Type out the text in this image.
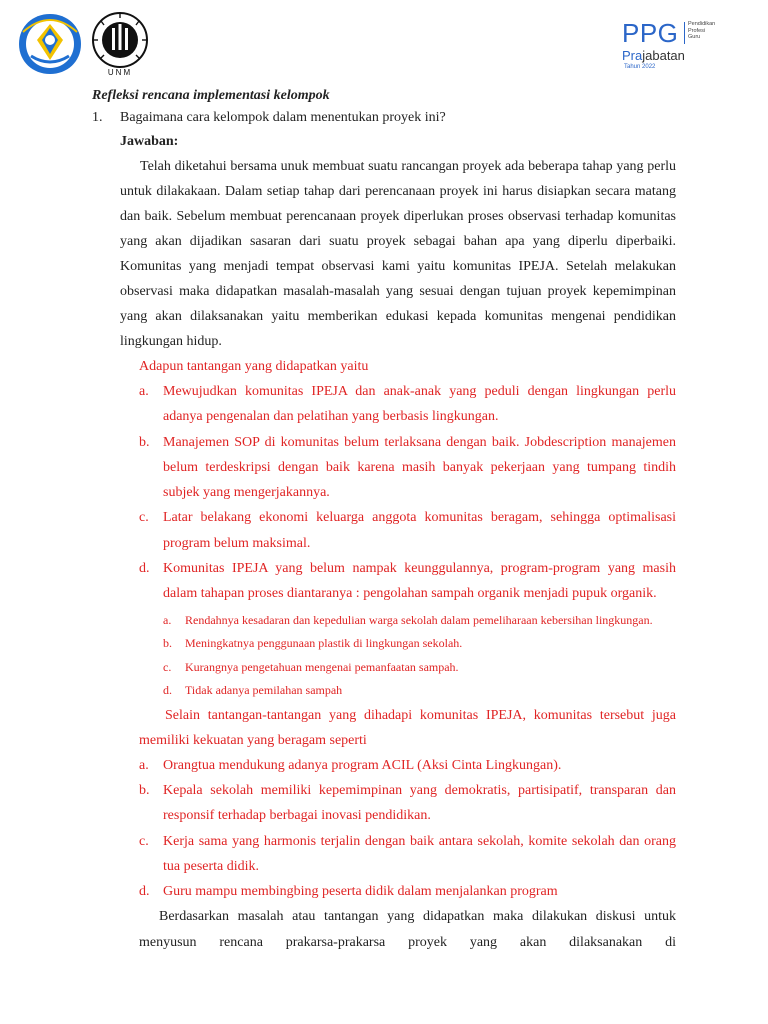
UNM
PPG Pendidikan
Profesi
Guru
Prajabatan
Tahun 2022

Refleksi rencana implementasi kelompok

1. Bagaimana cara kelompok dalam menentukan proyek ini?

Jawaban:

Telah diketahui bersama unuk membuat suatu rancangan proyek ada beberapa tahap yang perlu untuk dilakakaan. Dalam setiap tahap dari perencanaan proyek ini harus disiapkan secara matang dan baik. Sebelum membuat perencanaan proyek diperlukan proses observasi terhadap komunitas yang akan dijadikan sasaran dari suatu proyek sebagai bahan apa yang diperlu diperbaiki. Komunitas yang menjadi tempat observasi kami yaitu komunitas IPEJA. Setelah melakukan observasi maka didapatkan masalah-masalah yang sesuai dengan tujuan proyek kepemimpinan yang akan dilaksanakan yaitu memberikan edukasi kepada komunitas mengenai pendidikan lingkungan hidup.

Adapun tantangan yang didapatkan yaitu

a. Mewujudkan komunitas IPEJA dan anak-anak yang peduli dengan lingkungan perlu adanya pengenalan dan pelatihan yang berbasis lingkungan.
b. Manajemen SOP di komunitas belum terlaksana dengan baik. Jobdescription manajemen belum terdeskripsi dengan baik karena masih banyak pekerjaan yang tumpang tindih subjek yang mengerjakannya.
c. Latar belakang ekonomi keluarga anggota komunitas beragam, sehingga optimalisasi program belum maksimal.
d. Komunitas IPEJA yang belum nampak keunggulannya, program-program yang masih dalam tahapan proses diantaranya : pengolahan sampah organik menjadi pupuk organik.
a. Rendahnya kesadaran dan kepedulian warga sekolah dalam pemeliharaan kebersihan lingkungan.
b. Meningkatnya penggunaan plastik di lingkungan sekolah.
c. Kurangnya pengetahuan mengenai pemanfaatan sampah.
d. Tidak adanya pemilahan sampah

Selain tantangan-tantangan yang dihadapi komunitas IPEJA, komunitas tersebut juga memiliki kekuatan yang beragam seperti

a. Orangtua mendukung adanya program ACIL (Aksi Cinta Lingkungan).
b. Kepala sekolah memiliki kepemimpinan yang demokratis, partisipatif, transparan dan responsif terhadap berbagai inovasi pendidikan.
c. Kerja sama yang harmonis terjalin dengan baik antara sekolah, komite sekolah dan orang tua peserta didik.
d. Guru mampu membingbing peserta didik dalam menjalankan program

Berdasarkan masalah atau tantangan yang didapatkan maka dilakukan diskusi untuk menyusun rencana prakarsa-prakarsa proyek yang akan dilaksanakan di
